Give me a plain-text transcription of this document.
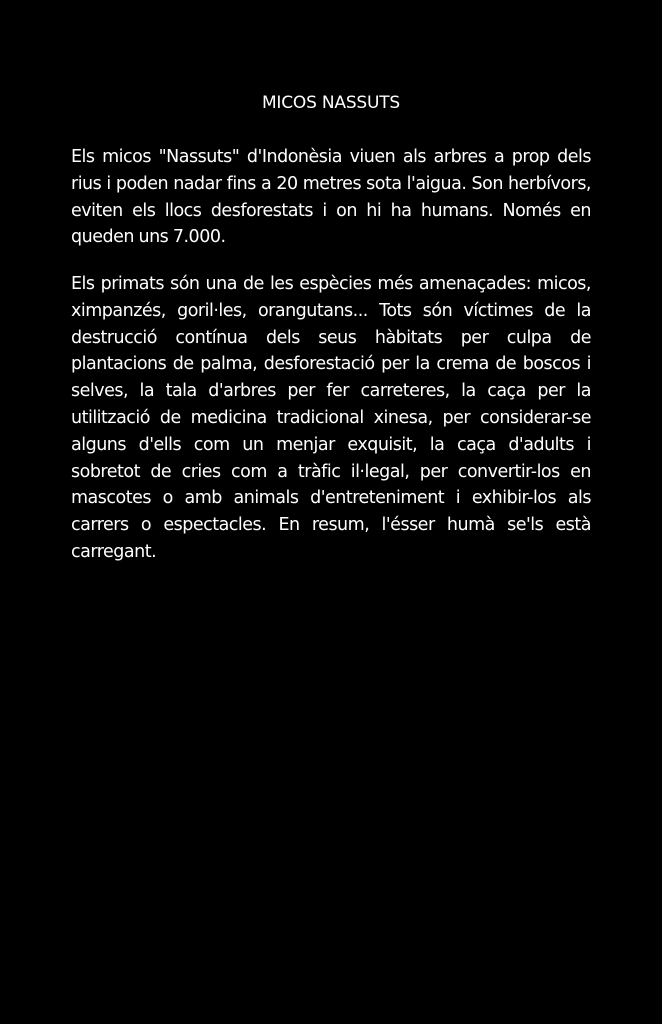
MICOS NASSUTS
Els micos "Nassuts" d'Indonèsia viuen als arbres a prop dels rius i poden nadar fins a 20 metres sota l'aigua. Son herbívors, eviten els llocs desforestats i on hi ha humans. Només en queden uns 7.000.
Els primats són una de les espècies més amenaçades: micos, ximpanzés, goril·les, orangutans... Tots són víctimes de la destrucció contínua dels seus hàbitats per culpa de plantacions de palma, desforestació per la crema de boscos i selves, la tala d'arbres per fer carreteres, la caça per la utilització de medicina tradicional xinesa, per considerar-se alguns d'ells com un menjar exquisit, la caça d'adults i sobretot de cries com a tràfic il·legal, per convertir-los en mascotes o amb animals d'entreteniment i exhibir-los als carrers o espectacles. En resum, l'ésser humà se'ls està carregant.
